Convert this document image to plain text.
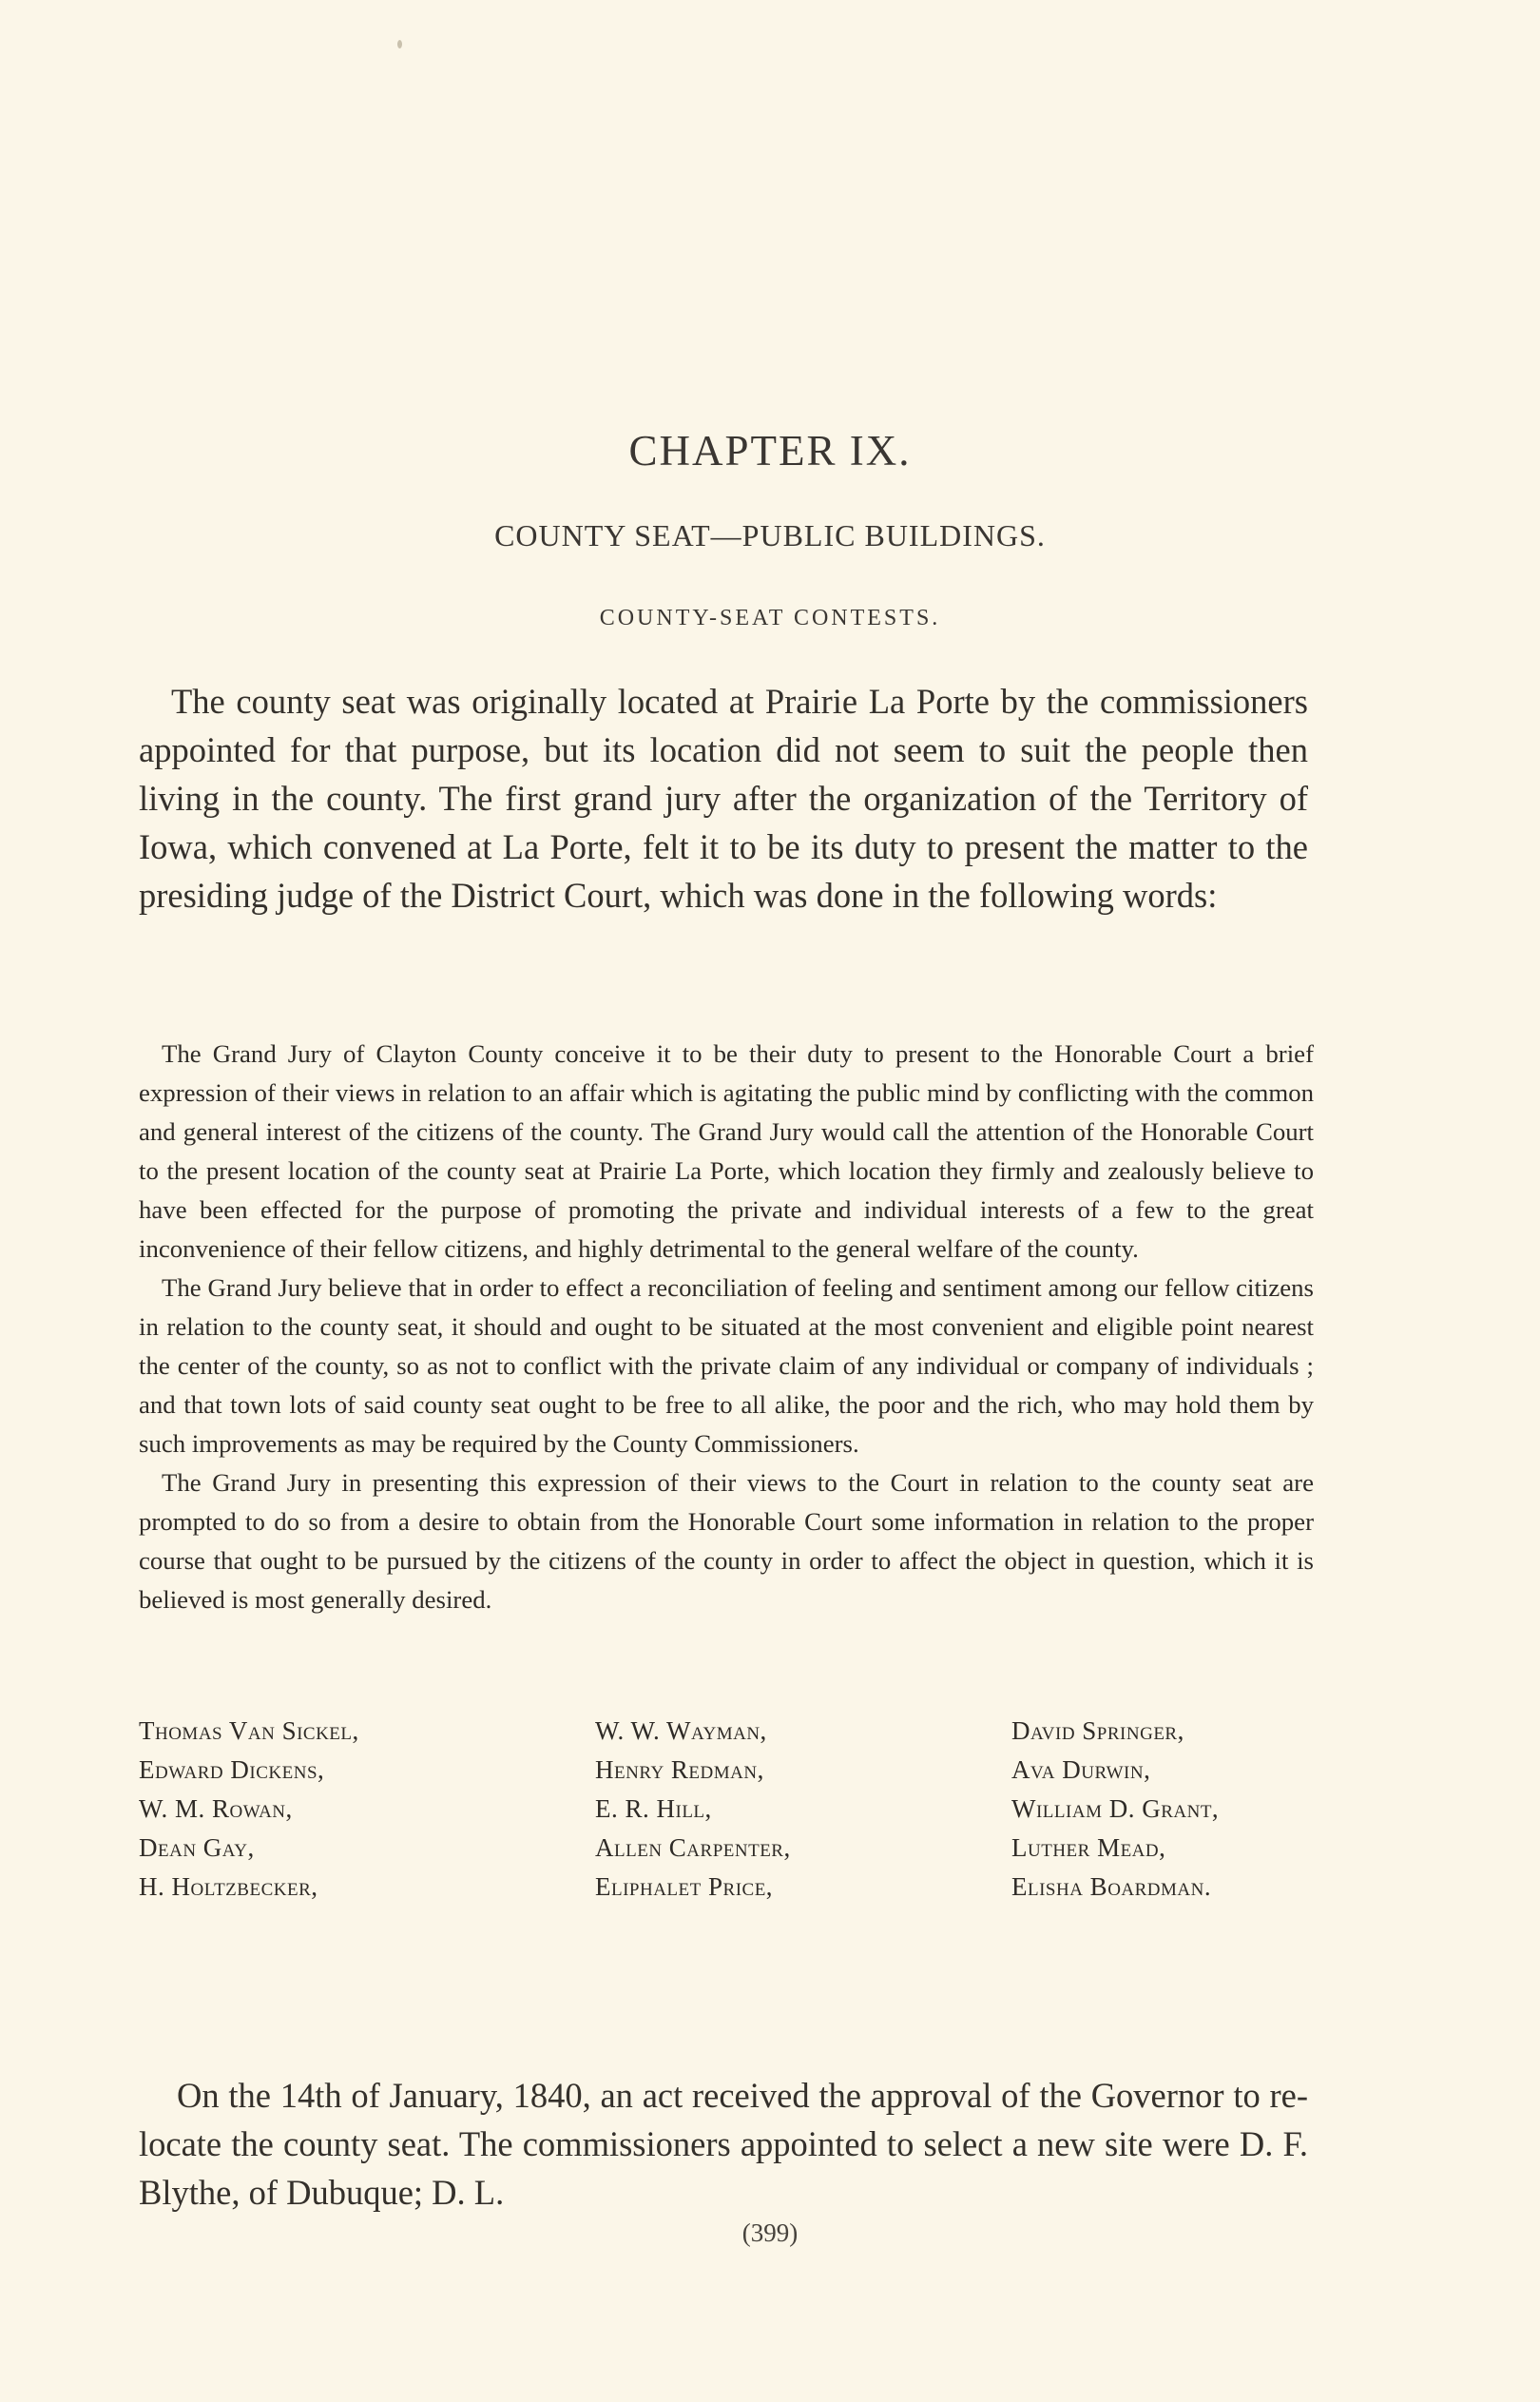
CHAPTER IX.
COUNTY SEAT—PUBLIC BUILDINGS.
COUNTY-SEAT CONTESTS.
The county seat was originally located at Prairie La Porte by the commissioners appointed for that purpose, but its location did not seem to suit the people then living in the county. The first grand jury after the organization of the Territory of Iowa, which convened at La Porte, felt it to be its duty to present the matter to the presiding judge of the District Court, which was done in the following words:

The Grand Jury of Clayton County conceive it to be their duty to present to the Honorable Court a brief expression of their views in relation to an affair which is agitating the public mind by conflicting with the common and general interest of the citizens of the county. The Grand Jury would call the attention of the Honorable Court to the present location of the county seat at Prairie La Porte, which location they firmly and zealously believe to have been effected for the purpose of promoting the private and individual interests of a few to the great inconvenience of their fellow citizens, and highly detrimental to the general welfare of the county.

The Grand Jury believe that in order to effect a reconciliation of feeling and sentiment among our fellow citizens in relation to the county seat, it should and ought to be situated at the most convenient and eligible point nearest the center of the county, so as not to conflict with the private claim of any individual or company of individuals ; and that town lots of said county seat ought to be free to all alike, the poor and the rich, who may hold them by such improvements as may be required by the County Commissioners.

The Grand Jury in presenting this expression of their views to the Court in relation to the county seat are prompted to do so from a desire to obtain from the Honorable Court some information in relation to the proper course that ought to be pursued by the citizens of the county in order to affect the object in question, which it is believed is most generally desired.

Thomas Van Sickel,	W. W. Wayman,	David Springer,
Edward Dickens,	Henry Redman,	Ava Durwin,
W. M. Rowan,	E. R. Hill,	William D. Grant,
Dean Gay,	Allen Carpenter,	Luther Mead,
H. Holtzbecker,	Eliphalet Price,	Elisha Boardman.
On the 14th of January, 1840, an act received the approval of the Governor to re-locate the county seat. The commissioners appointed to select a new site were D. F. Blythe, of Dubuque; D. L.
(399)
